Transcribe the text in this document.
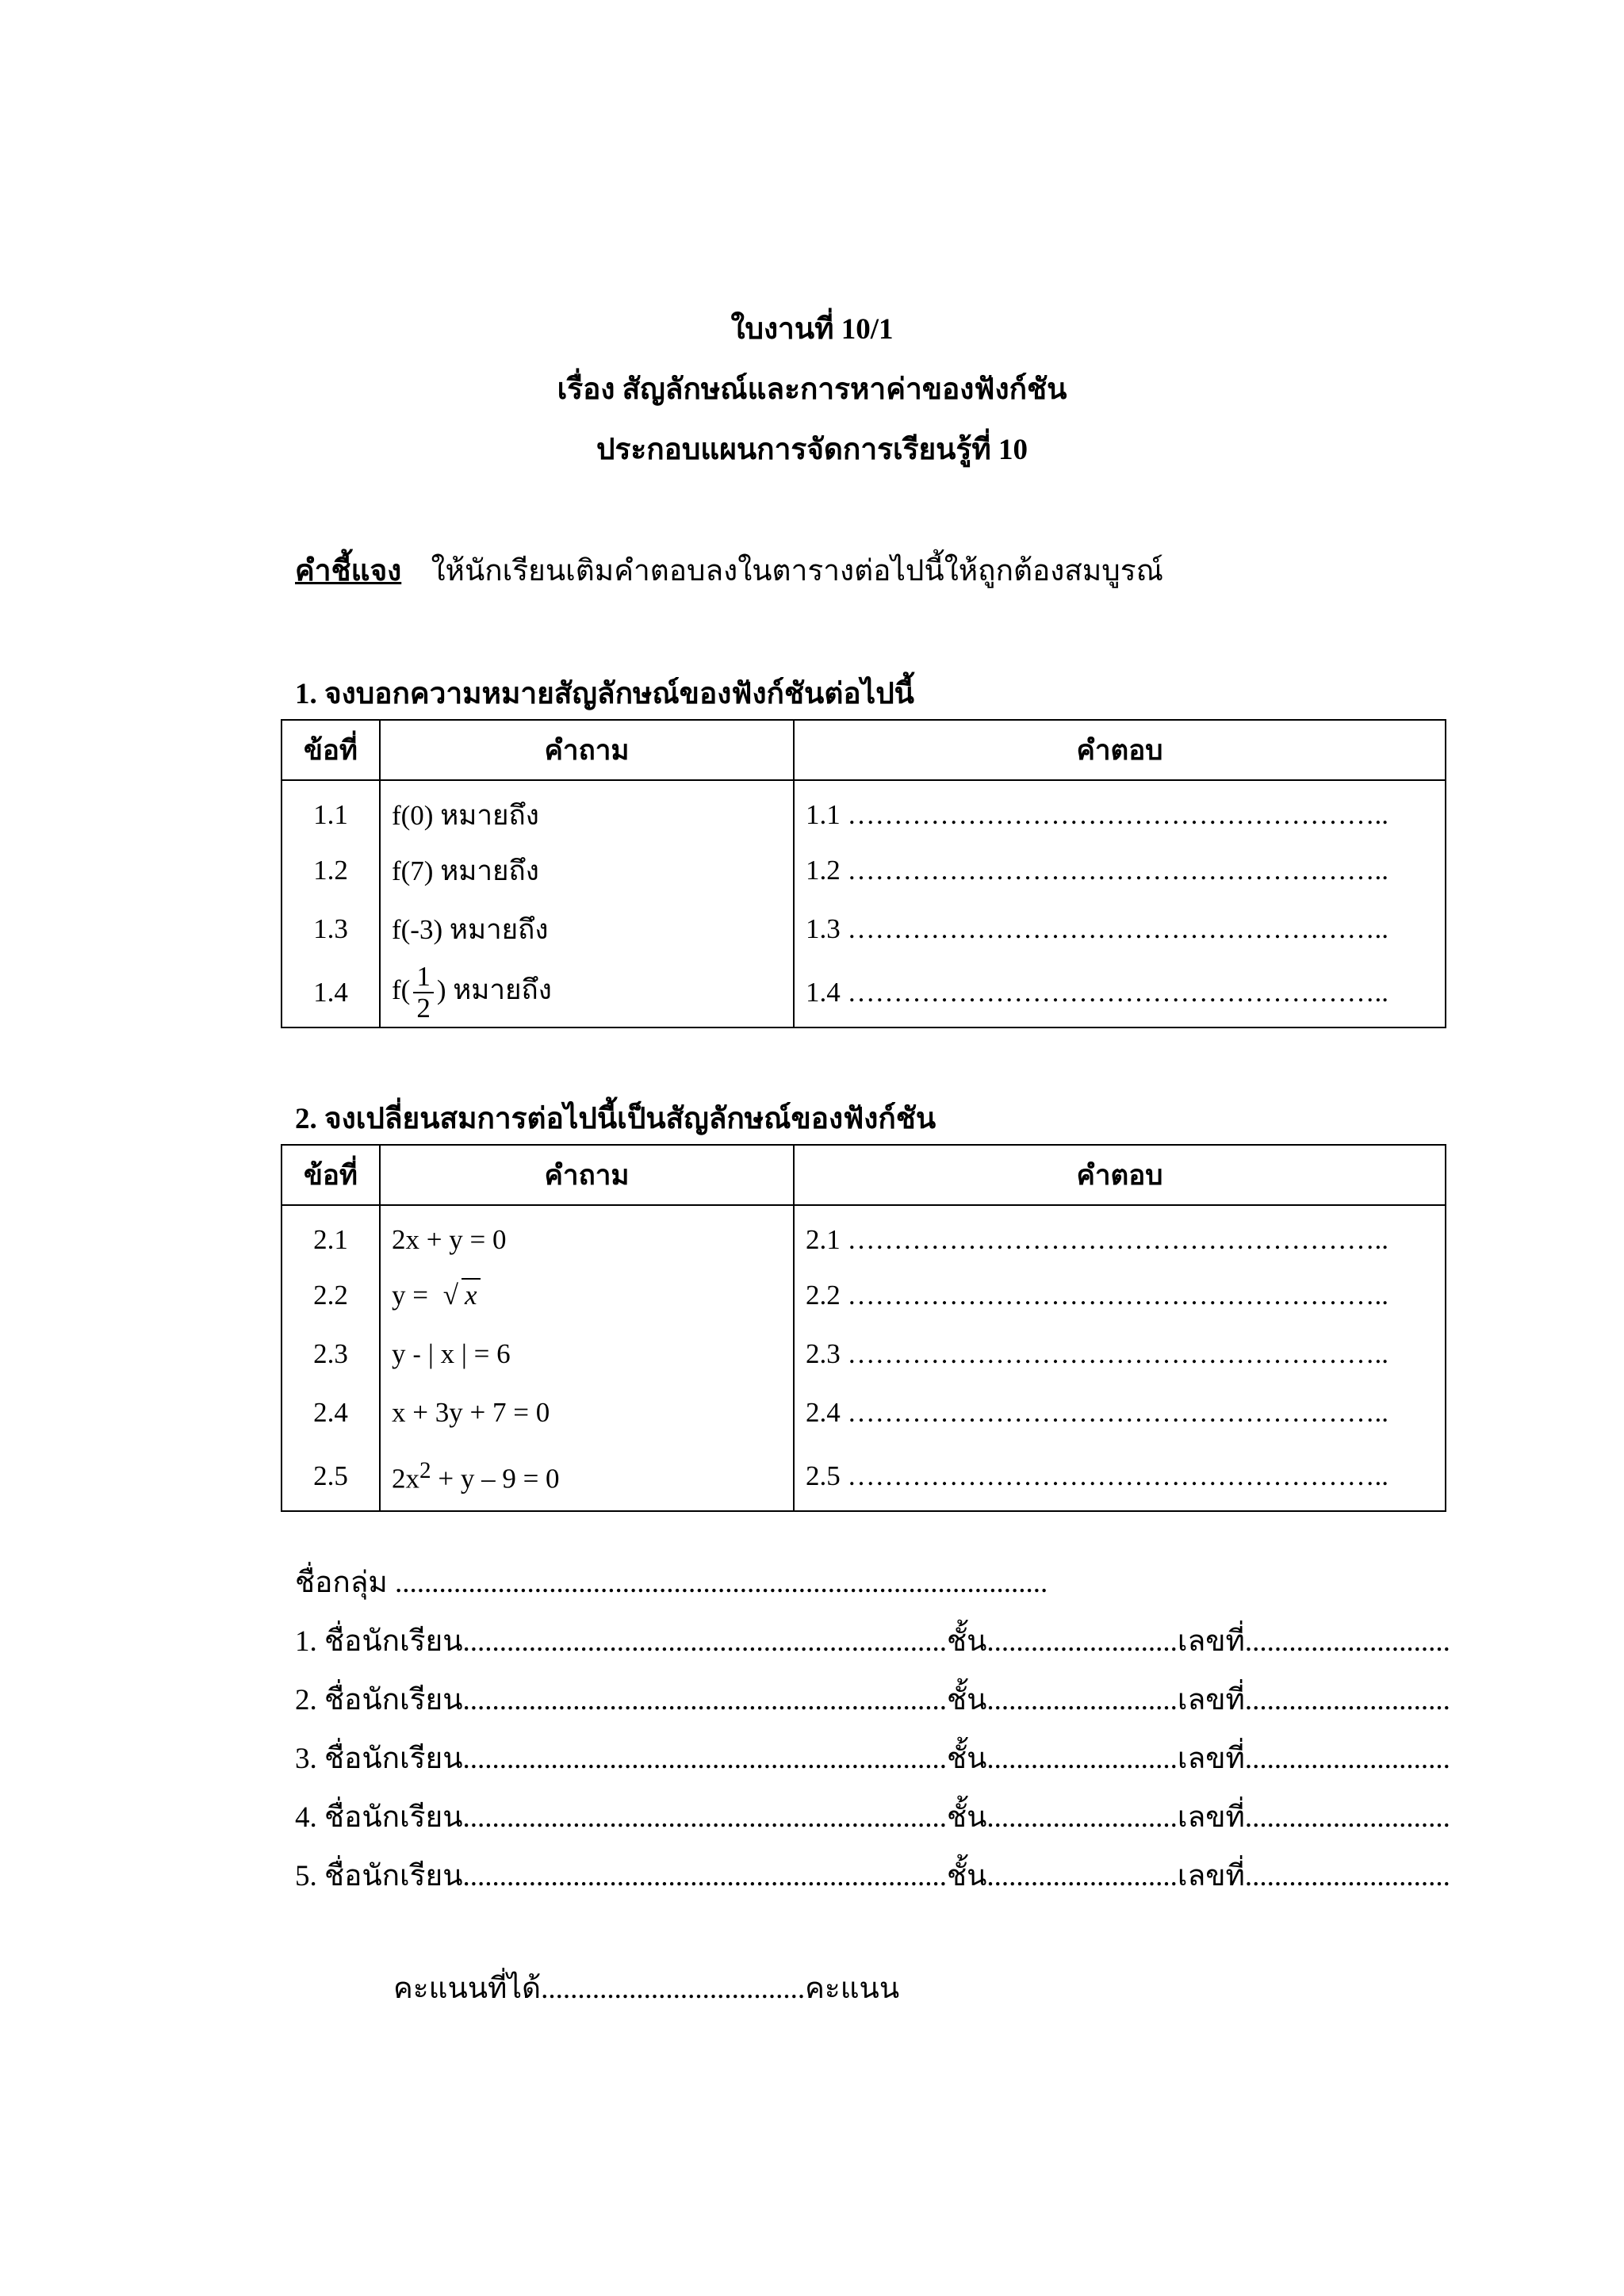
ใบงานที่ 10/1
เรื่อง สัญลักษณ์และการหาค่าของฟังก์ชัน
ประกอบแผนการจัดการเรียนรู้ที่ 10
คำชี้แจง ให้นักเรียนเติมคำตอบลงในตารางต่อไปนี้ให้ถูกต้องสมบูรณ์
1. จงบอกความหมายสัญลักษณ์ของฟังก์ชันต่อไปนี้
ข้อที่	คำถาม	คำตอบ
1.1	f(0) หมายถึง	1.1 …………………………………………………..
1.2	f(7) หมายถึง	1.2 …………………………………………………..
1.3	f(-3) หมายถึง	1.3 …………………………………………………..
1.4	$f( \frac{1}{2}$ ) หมายถึง	1.4 …………………………………………………..
2. จงเปลี่ยนสมการต่อไปนี้เป็นสัญลักษณ์ของฟังก์ชัน
ข้อที่	คำถาม	คำตอบ
2.1	2x + y = 0	2.1 …………………………………………………..
2.2	y = √ x	2.2 …………………………………………………..
2.3	y - | x | = 6	2.3 …………………………………………………..
2.4	x + 3y + 7 = 0	2.4 …………………………………………………..
2.5	$2x^2 + y - 9 = 0$	2.5 …………………………………………………..
ชื่อกลุ่ม .........................................................................................
1. ชื่อนักเรียน..................................................................ชั้น..........................เลขที่............................
2. ชื่อนักเรียน..................................................................ชั้น..........................เลขที่............................
3. ชื่อนักเรียน..................................................................ชั้น..........................เลขที่............................
4. ชื่อนักเรียน..................................................................ชั้น..........................เลขที่............................
5. ชื่อนักเรียน..................................................................ชั้น..........................เลขที่............................
คะแนนที่ได้....................................คะแนน
